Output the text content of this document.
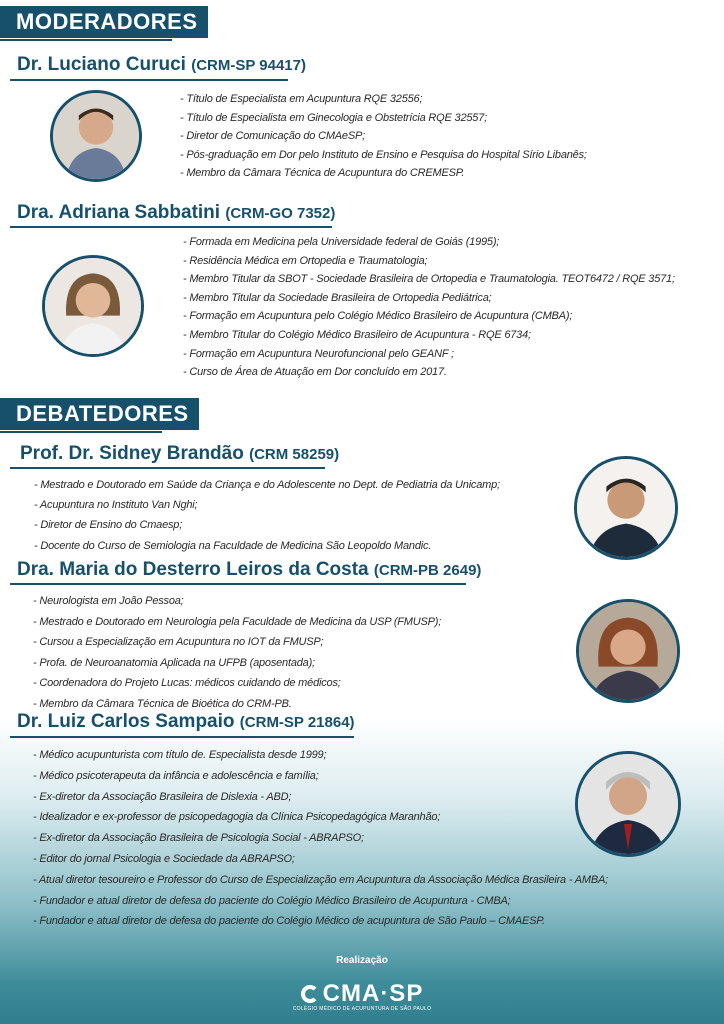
MODERADORES
Dr. Luciano Curuci (CRM-SP 94417)
- Título de Especialista em Acupuntura RQE 32556;
- Título de Especialista em Ginecologia e Obstetrícia RQE 32557;
- Diretor de Comunicação do CMAeSP;
- Pós-graduação em Dor pelo Instituto de Ensino e Pesquisa do Hospital Sírio Libanês;
- Membro da Câmara Técnica de Acupuntura do CREMESP.
Dra. Adriana Sabbatini (CRM-GO 7352)
- Formada em Medicina pela Universidade federal de Goiás (1995);
- Residência Médica em Ortopedia e Traumatologia;
- Membro Titular da SBOT - Sociedade Brasileira de Ortopedia e Traumatologia. TEOT6472 / RQE 3571;
- Membro Titular da Sociedade Brasileira de Ortopedia Pediátrica;
- Formação em Acupuntura pelo Colégio Médico Brasileiro de Acupuntura (CMBA);
- Membro Titular do Colégio Médico Brasileiro de Acupuntura - RQE 6734;
- Formação em Acupuntura Neurofuncional pelo GEANF ;
- Curso de Área de Atuação em Dor concluído em 2017.
DEBATEDORES
Prof. Dr. Sidney Brandão (CRM 58259)
- Mestrado e Doutorado em Saúde da Criança e do Adolescente no Dept. de Pediatria da Unicamp;
- Acupuntura no Instituto Van Nghi;
- Diretor de Ensino do Cmaesp;
- Docente do Curso de Semiologia na Faculdade de Medicina São Leopoldo Mandic.
Dra. Maria do Desterro Leiros da Costa (CRM-PB 2649)
- Neurologista em João Pessoa;
- Mestrado e Doutorado em Neurologia pela Faculdade de Medicina da USP (FMUSP);
- Cursou a Especialização em Acupuntura no IOT da FMUSP;
- Profa. de Neuroanatomia Aplicada na UFPB (aposentada);
- Coordenadora do Projeto Lucas: médicos cuidando de médicos;
- Membro da Câmara Técnica de Bioética do CRM-PB.
Dr. Luiz Carlos Sampaio (CRM-SP 21864)
- Médico acupunturista com título de. Especialista desde 1999;
- Médico psicoterapeuta da infância e adolescência e família;
- Ex-diretor da Associação Brasileira de Dislexia - ABD;
- Idealizador e ex-professor de psicopedagogia da Clínica Psicopedagógica Maranhão;
- Ex-diretor da Associação Brasileira de Psicologia Social - ABRAPSO;
- Editor do jornal Psicologia e Sociedade da ABRAPSO;
- Atual diretor tesoureiro e Professor do Curso de Especialização em Acupuntura da Associação Médica Brasileira - AMBA;
- Fundador e atual diretor de defesa do paciente do Colégio Médico Brasileiro de Acupuntura - CMBA;
- Fundador e atual diretor de defesa do paciente do Colégio Médico de acupuntura de São Paulo – CMAESP.
Realização
CMA·SP
COLÉGIO MÉDICO DE ACUPUNTURA DE SÃO PAULO
